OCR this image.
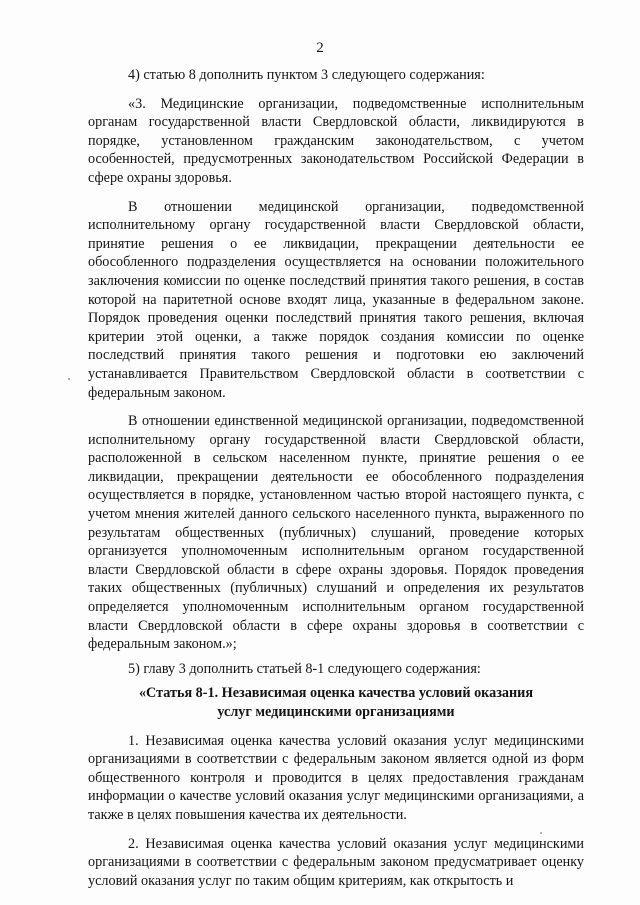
2

4) статью 8 дополнить пунктом 3 следующего содержания:

«3. Медицинские организации, подведомственные исполнительным органам государственной власти Свердловской области, ликвидируются в порядке, установленном гражданским законодательством, с учетом особенностей, предусмотренных законодательством Российской Федерации в сфере охраны здоровья.

В отношении медицинской организации, подведомственной исполнительному органу государственной власти Свердловской области, принятие решения о ее ликвидации, прекращении деятельности ее обособленного подразделения осуществляется на основании положительного заключения комиссии по оценке последствий принятия такого решения, в состав которой на паритетной основе входят лица, указанные в федеральном законе. Порядок проведения оценки последствий принятия такого решения, включая критерии этой оценки, а также порядок создания комиссии по оценке последствий принятия такого решения и подготовки ею заключений устанавливается Правительством Свердловской области в соответствии с федеральным законом.

В отношении единственной медицинской организации, подведомственной исполнительному органу государственной власти Свердловской области, расположенной в сельском населенном пункте, принятие решения о ее ликвидации, прекращении деятельности ее обособленного подразделения осуществляется в порядке, установленном частью второй настоящего пункта, с учетом мнения жителей данного сельского населенного пункта, выраженного по результатам общественных (публичных) слушаний, проведение которых организуется уполномоченным исполнительным органом государственной власти Свердловской области в сфере охраны здоровья. Порядок проведения таких общественных (публичных) слушаний и определения их результатов определяется уполномоченным исполнительным органом государственной власти Свердловской области в сфере охраны здоровья в соответствии с федеральным законом.»;

5) главу 3 дополнить статьей 8-1 следующего содержания:

«Статья 8-1. Независимая оценка качества условий оказания
услуг медицинскими организациями

1. Независимая оценка качества условий оказания услуг медицинскими организациями в соответствии с федеральным законом является одной из форм общественного контроля и проводится в целях предоставления гражданам информации о качестве условий оказания услуг медицинскими организациями, а также в целях повышения качества их деятельности.

2. Независимая оценка качества условий оказания услуг медицинскими организациями в соответствии с федеральным законом предусматривает оценку условий оказания услуг по таким общим критериям, как открытость и
